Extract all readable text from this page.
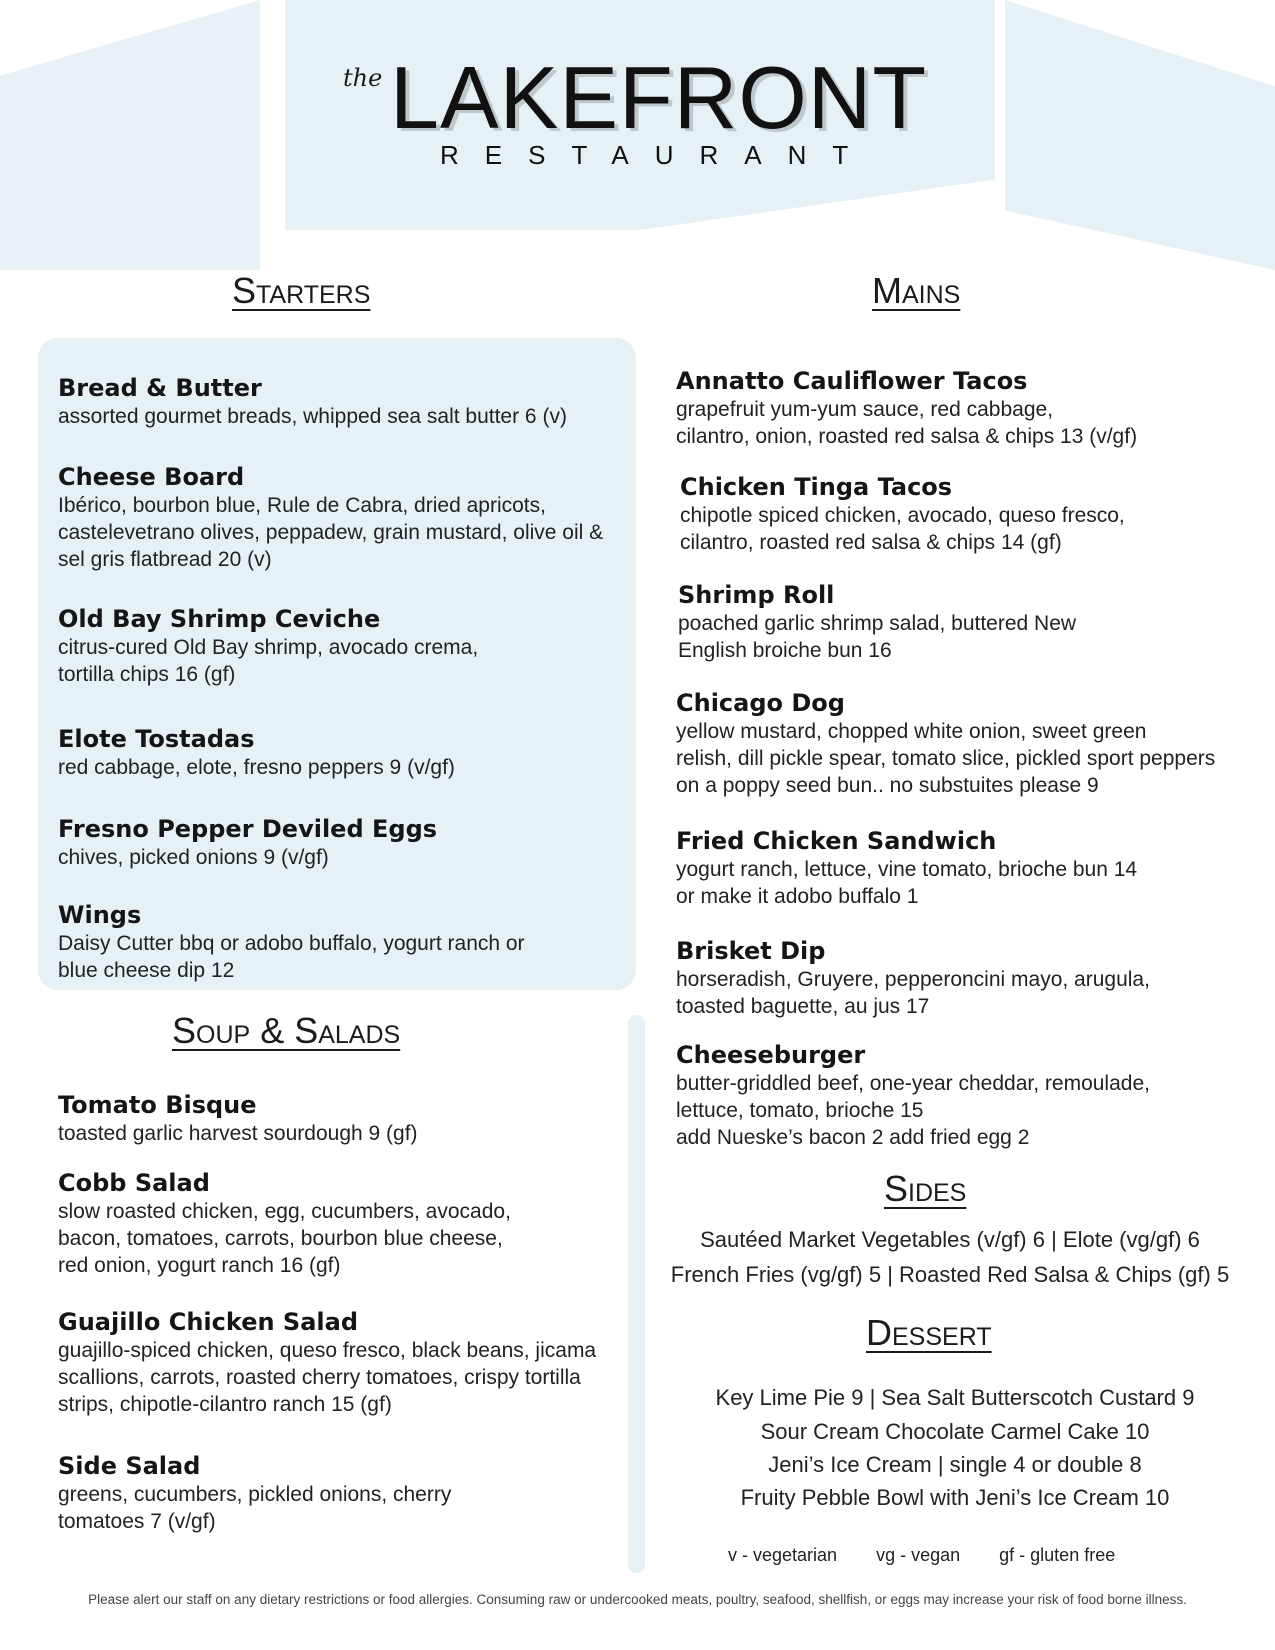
the LAKEFRONT
RESTAURANT
Starters	Mains
Soup & Salads
Sides
Dessert
Bread & Butter
assorted gourmet breads, whipped sea salt butter 6 (v)
Cheese Board
Ibérico, bourbon blue, Rule de Cabra, dried apricots,
castelevetrano olives, peppadew, grain mustard, olive oil &
sel gris flatbread 20 (v)
Old Bay Shrimp Ceviche
citrus-cured Old Bay shrimp, avocado crema,
tortilla chips 16 (gf)
Elote Tostadas
red cabbage, elote, fresno peppers 9 (v/gf)
Fresno Pepper Deviled Eggs
chives, picked onions 9 (v/gf)
Wings
Daisy Cutter bbq or adobo buffalo, yogurt ranch or
blue cheese dip 12
Tomato Bisque
toasted garlic harvest sourdough 9 (gf)
Cobb Salad
slow roasted chicken, egg, cucumbers, avocado,
bacon, tomatoes, carrots, bourbon blue cheese,
red onion, yogurt ranch 16 (gf)
Guajillo Chicken Salad
guajillo-spiced chicken, queso fresco, black beans, jicama
scallions, carrots, roasted cherry tomatoes, crispy tortilla
strips, chipotle-cilantro ranch 15 (gf)
Side Salad
greens, cucumbers, pickled onions, cherry
tomatoes 7 (v/gf)
Annatto Cauliflower Tacos
grapefruit yum-yum sauce, red cabbage,
cilantro, onion, roasted red salsa & chips 13 (v/gf)
Chicken Tinga Tacos
chipotle spiced chicken, avocado, queso fresco,
cilantro, roasted red salsa & chips 14 (gf)
Shrimp Roll
poached garlic shrimp salad, buttered New
English broiche bun 16
Chicago Dog
yellow mustard, chopped white onion, sweet green
relish, dill pickle spear, tomato slice, pickled sport peppers
on a poppy seed bun.. no substuites please 9
Fried Chicken Sandwich
yogurt ranch, lettuce, vine tomato, brioche bun 14
or make it adobo buffalo 1
Brisket Dip
horseradish, Gruyere, pepperoncini mayo, arugula,
toasted baguette, au jus 17
Cheeseburger
butter-griddled beef, one-year cheddar, remoulade,
lettuce, tomato, brioche 15
add Nueske’s bacon 2 add fried egg 2
Sautéed Market Vegetables (v/gf) 6 | Elote (vg/gf) 6
French Fries (vg/gf) 5 | Roasted Red Salsa & Chips (gf) 5
Key Lime Pie 9 | Sea Salt Butterscotch Custard 9
Sour Cream Chocolate Carmel Cake 10
Jeni’s Ice Cream | single 4 or double 8
Fruity Pebble Bowl with Jeni’s Ice Cream 10
v - vegetarian vg - vegan gf - gluten free
Please alert our staff on any dietary restrictions or food allergies. Consuming raw or undercooked meats, poultry, seafood, shellfish, or eggs may increase your risk of food borne illness.
